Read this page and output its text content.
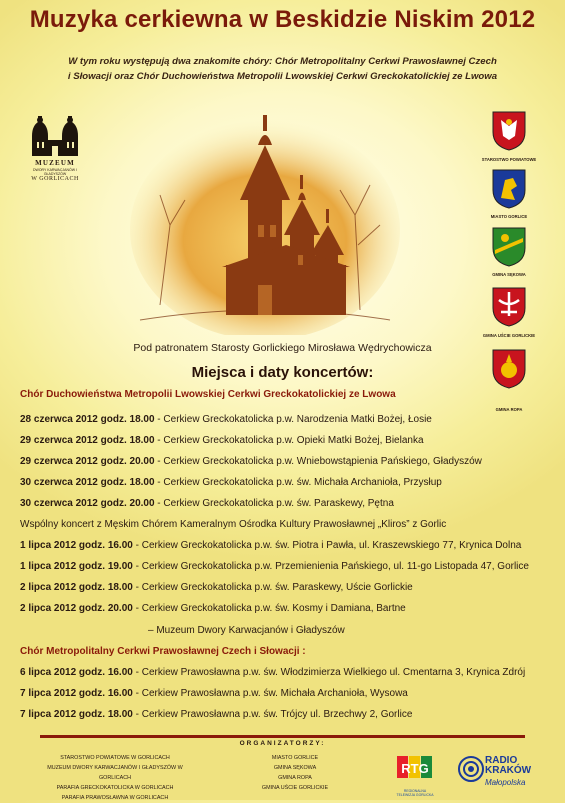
Muzyka cerkiewna w Beskidzie Niskim 2012
W tym roku występują dwa znakomite chóry: Chór Metropolitalny Cerkwi Prawosławnej Czech
i Słowacji oraz Chór Duchowieństwa Metropolii Lwowskiej Cerkwi Greckokatolickiej ze Lwowa
MUZEUM
DWORY KARWACJANÓW I GŁADYSZÓW
W GORLICACH
STAROSTWO POWIATOWE
MIASTO GORLICE
GMINA SĘKOWA
GMINA UŚCIE GORLICKIE
GMINA ROPA
Pod patronatem Starosty Gorlickiego Mirosława Wędrychowicza
Miejsca i daty koncertów:
Chór Duchowieństwa Metropolii Lwowskiej Cerkwi Greckokatolickiej ze Lwowa
28 czerwca 2012 godz. 18.00 - Cerkiew Greckokatolicka p.w. Narodzenia Matki Bożej, Łosie
29 czerwca 2012 godz. 18.00 - Cerkiew Greckokatolicka p.w. Opieki Matki Bożej, Bielanka
29 czerwca 2012 godz. 20.00 - Cerkiew Greckokatolicka p.w. Wniebowstąpienia Pańskiego, Gładyszów
30 czerwca 2012 godz. 18.00 - Cerkiew Greckokatolicka p.w. św. Michała Archanioła, Przysłup
30 czerwca 2012 godz. 20.00 - Cerkiew Greckokatolicka p.w. św. Paraskewy, Pętna
Wspólny koncert z Męskim Chórem Kameralnym Ośrodka Kultury Prawosławnej „Kliros” z Gorlic
1 lipca 2012 godz. 16.00 - Cerkiew Greckokatolicka p.w. św. Piotra i Pawła, ul. Kraszewskiego 77, Krynica Dolna
1 lipca 2012 godz. 19.00 - Cerkiew Greckokatolicka p.w. Przemienienia Pańskiego, ul. 11-go Listopada 47, Gorlice
2 lipca 2012 godz. 18.00 - Cerkiew Greckokatolicka p.w. św. Paraskewy, Uście Gorlickie
2 lipca 2012 godz. 20.00 - Cerkiew Greckokatolicka p.w. św. Kosmy i Damiana, Bartne
– Muzeum Dwory Karwacjanów i Gładyszów
Chór Metropolitalny Cerkwi Prawosławnej Czech i Słowacji :
6 lipca 2012 godz. 16.00 - Cerkiew Prawosławna p.w. św. Włodzimierza Wielkiego ul. Cmentarna 3, Krynica Zdrój
7 lipca 2012 godz. 16.00 - Cerkiew Prawosławna p.w. św. Michała Archanioła, Wysowa
7 lipca 2012 godz. 18.00 - Cerkiew Prawosławna p.w. św. Trójcy ul. Brzechwy 2, Gorlice
ORGANIZATORZY:
STAROSTWO POWIATOWE W GORLICACH
MUZEUM DWORY KARWACJANÓW I GŁADYSZÓW W GORLICACH
PARAFIA GRECKOKATOLICKA W GORLICACH
PARAFIA PRAWOSŁAWNA W GORLICACH
MIASTO GORLICE
GMINA SĘKOWA
GMINA ROPA
GMINA UŚCIE GORLICKIE
RTG
REGIONALNA TELEWIZJA GORLICKA
RADIO
KRAKÓW
Małopolska
